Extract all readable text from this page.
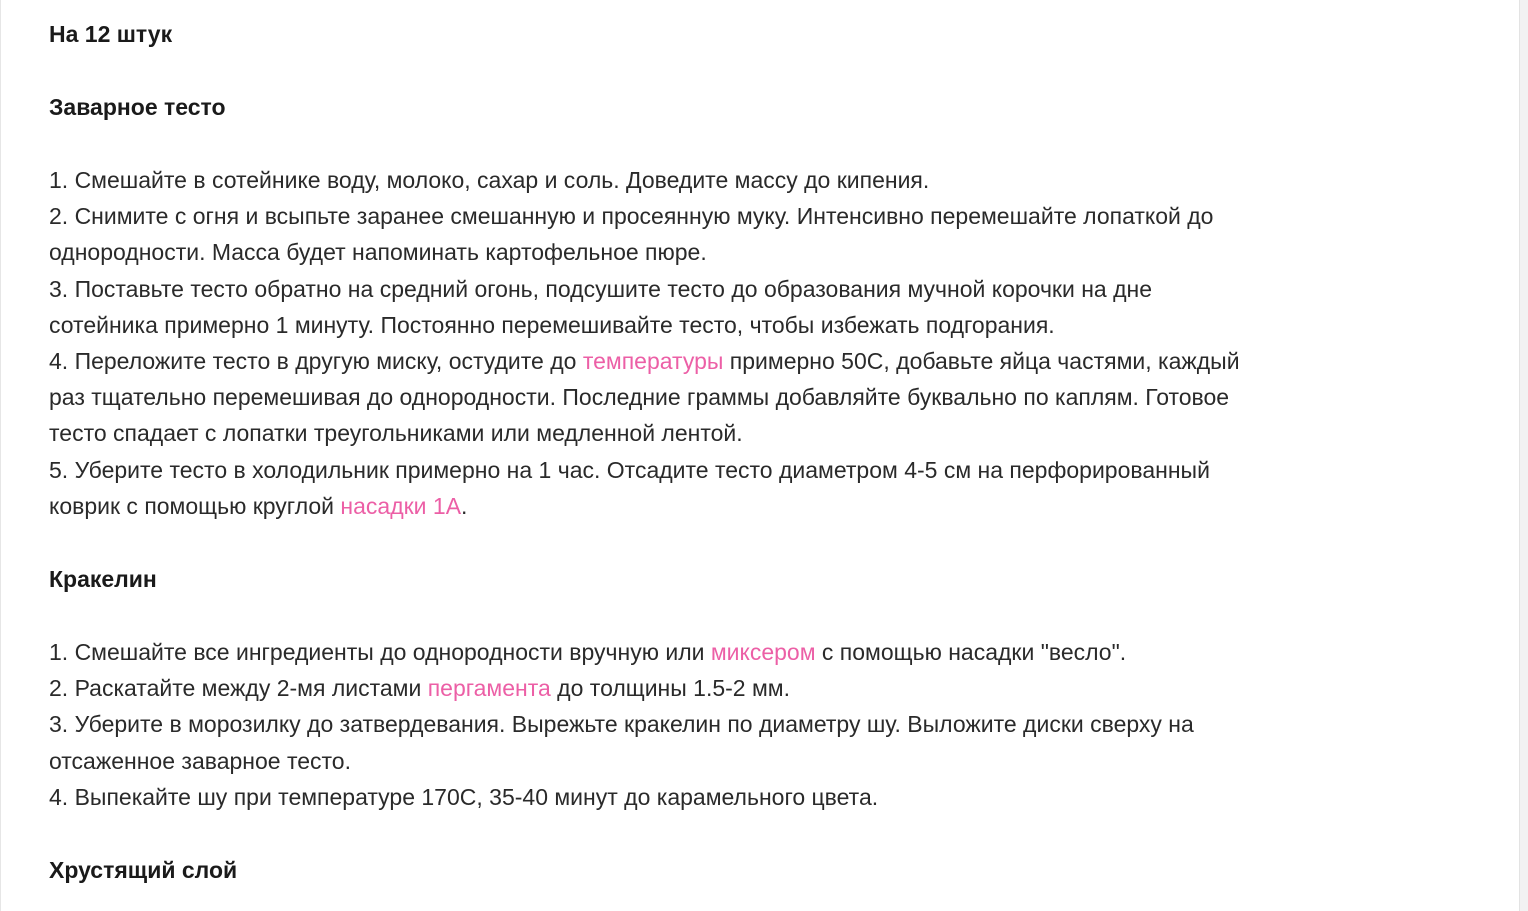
На 12 штук

Заварное тесто

1. Смешайте в сотейнике воду, молоко, сахар и соль. Доведите массу до кипения.

2. Снимите с огня и всыпьте заранее смешанную и просеянную муку. Интенсивно перемешайте лопаткой до

однородности. Масса будет напоминать картофельное пюре.

3. Поставьте тесто обратно на средний огонь, подсушите тесто до образования мучной корочки на дне

сотейника примерно 1 минуту. Постоянно перемешивайте тесто, чтобы избежать подгорания.

4. Переложите тесто в другую миску, остудите до температуры примерно 50С, добавьте яйца частями, каждый

раз тщательно перемешивая до однородности. Последние граммы добавляйте буквально по каплям. Готовое

тесто спадает с лопатки треугольниками или медленной лентой.

5. Уберите тесто в холодильник примерно на 1 час. Отсадите тесто диаметром 4-5 см на перфорированный

коврик с помощью круглой насадки 1А.

Кракелин

1. Смешайте все ингредиенты до однородности вручную или миксером с помощью насадки "весло".

2. Раскатайте между 2-мя листами пергамента до толщины 1.5-2 мм.

3. Уберите в морозилку до затвердевания. Вырежьте кракелин по диаметру шу. Выложите диски сверху на

отсаженное заварное тесто.

4. Выпекайте шу при температуре 170С, 35-40 минут до карамельного цвета.

Хрустящий слой
